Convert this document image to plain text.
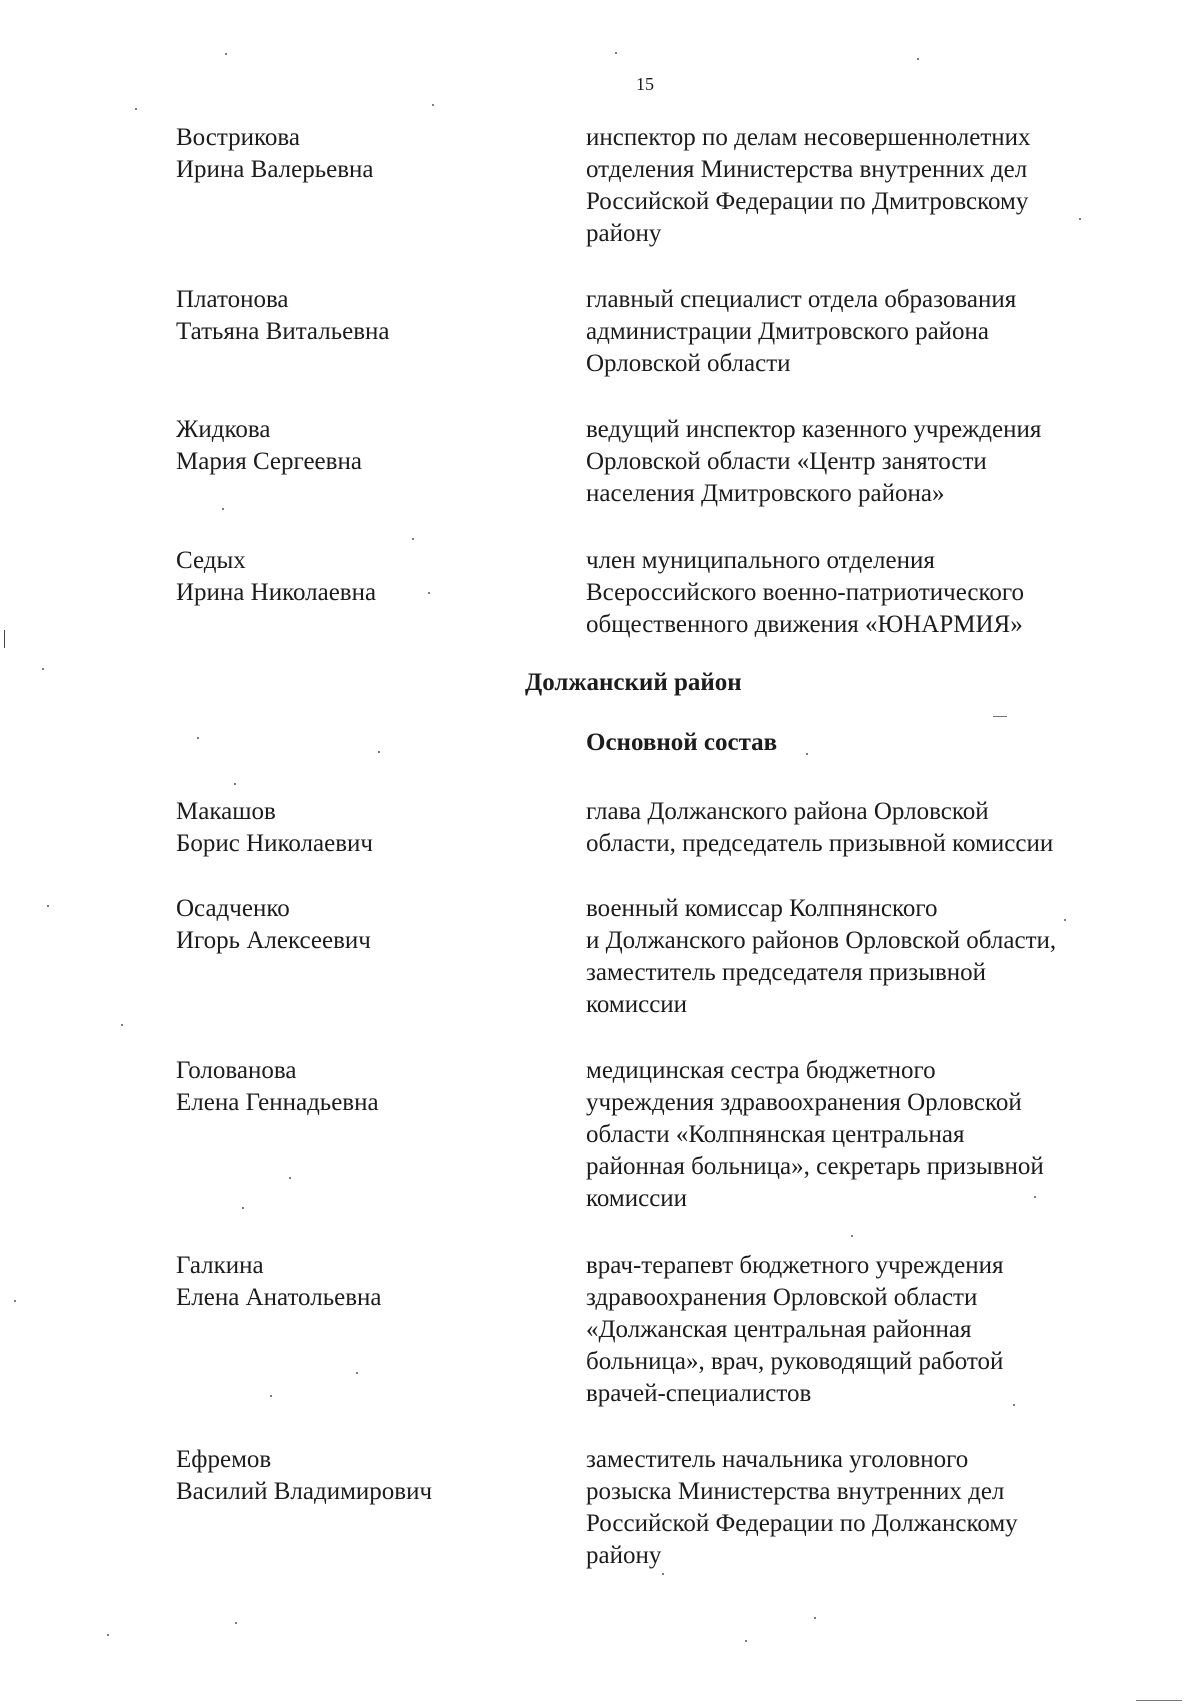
15
Вострикова
Ирина Валерьевна
инспектор по делам несовершеннолетних
отделения Министерства внутренних дел
Российской Федерации по Дмитровскому
району
Платонова
Татьяна Витальевна
главный специалист отдела образования
администрации Дмитровского района
Орловской области
Жидкова
Мария Сергеевна
ведущий инспектор казенного учреждения
Орловской области «Центр занятости
населения Дмитровского района»
Седых
Ирина Николаевна
член муниципального отделения
Всероссийского военно-патриотического
общественного движения «ЮНАРМИЯ»
Должанский район
Основной состав
Макашов
Борис Николаевич
глава Должанского района Орловской
области, председатель призывной комиссии
Осадченко
Игорь Алексеевич
военный комиссар Колпнянского
и Должанского районов Орловской области,
заместитель председателя призывной
комиссии
Голованова
Елена Геннадьевна
медицинская сестра бюджетного
учреждения здравоохранения Орловской
области «Колпнянская центральная
районная больница», секретарь призывной
комиссии
Галкина
Елена Анатольевна
врач-терапевт бюджетного учреждения
здравоохранения Орловской области
«Должанская центральная районная
больница», врач, руководящий работой
врачей-специалистов
Ефремов
Василий Владимирович
заместитель начальника уголовного
розыска Министерства внутренних дел
Российской Федерации по Должанскому
району
